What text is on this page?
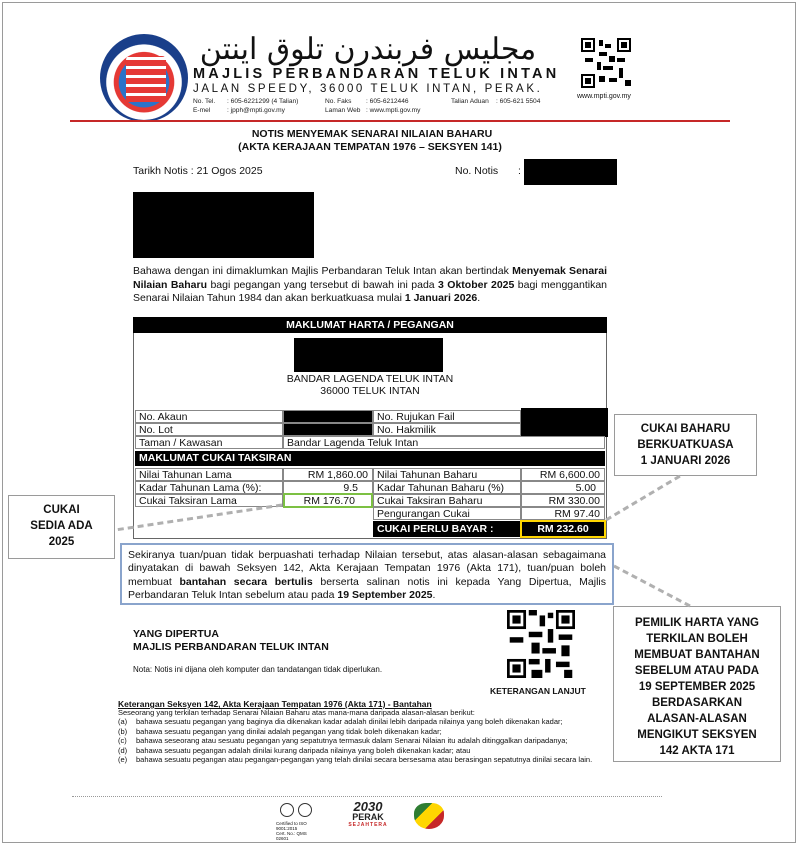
مجليس فربندرن تلوق اينتن
MAJLIS PERBANDARAN TELUK INTAN
JALAN SPEEDY, 36000 TELUK INTAN, PERAK.
No. Tel. : 605-6221299 (4 Talian)	No. Faks : 605-6212446	Talian Aduan : 605-621 5504
E-mel	: jpph@mpti.gov.my	Laman Web : www.mpti.gov.my
www.mpti.gov.my
NOTIS MENYEMAK SENARAI NILAIAN BAHARU
(AKTA KERAJAAN TEMPATAN 1976 – SEKSYEN 141)
Tarikh Notis : 21 Ogos 2025	No. Notis :
Bahawa dengan ini dimaklumkan Majlis Perbandaran Teluk Intan akan bertindak Menyemak Senarai Nilaian Baharu bagi pegangan yang tersebut di bawah ini pada 3 Oktober 2025 bagi menggantikan Senarai Nilaian Tahun 1984 dan akan berkuatkuasa mulai 1 Januari 2026.
MAKLUMAT HARTA / PEGANGAN
BANDAR LAGENDA TELUK INTAN
36000 TELUK INTAN
No. Akaun	No. Rujukan Fail
No. Lot	No. Hakmilik
Taman / Kawasan	Bandar Lagenda Teluk Intan
MAKLUMAT CUKAI TAKSIRAN
Nilai Tahunan Lama	RM 1,860.00 Nilai Tahunan Baharu	RM 6,600.00
Kadar Tahunan Lama (%):	9.5	Kadar Tahunan Baharu (%)	5.00
Cukai Taksiran Lama	RM 176.70	Cukai Taksiran Baharu	RM 330.00
Pengurangan Cukai	RM 97.40
CUKAI PERLU BAYAR :	RM 232.60
CUKAI BAHARU
BERKUATKUASA
1 JANUARI 2026
CUKAI
SEDIA ADA
2025
PEMILIK HARTA YANG
TERKILAN BOLEH
MEMBUAT BANTAHAN
SEBELUM ATAU PADA
19 SEPTEMBER 2025
BERDASARKAN
ALASAN-ALASAN
MENGIKUT SEKSYEN
142 AKTA 171
Sekiranya tuan/puan tidak berpuashati terhadap Nilaian tersebut, atas alasan-alasan sebagaimana dinyatakan di bawah Seksyen 142, Akta Kerajaan Tempatan 1976 (Akta 171), tuan/puan boleh membuat bantahan secara bertulis berserta salinan notis ini kepada Yang Dipertua, Majlis Perbandaran Teluk Intan sebelum atau pada 19 September 2025.
YANG DIPERTUA
MAJLIS PERBANDARAN TELUK INTAN
Nota: Notis ini dijana oleh komputer dan tandatangan tidak diperlukan.
KETERANGAN LANJUT
Keterangan Seksyen 142, Akta Kerajaan Tempatan 1976 (Akta 171) - Bantahan
Seseorang yang terkilan terhadap Senarai Nilaian Baharu atas mana-mana daripada alasan-alasan berikut:
(a)	bahawa sesuatu pegangan yang baginya dia dikenakan kadar adalah dinilai lebih daripada nilainya yang boleh dikenakan kadar;
(b)	bahawa sesuatu pegangan yang dinilai adalah pegangan yang tidak boleh dikenakan kadar;
(c)	bahawa seseorang atau sesuatu pegangan yang sepatutnya termasuk dalam Senarai Nilaian itu adalah ditinggalkan daripadanya;
(d)	bahawa sesuatu pegangan adalah dinilai kurang daripada nilainya yang boleh dikenakan kadar; atau
(e)	bahawa sesuatu pegangan atau pegangan-pegangan yang telah dinilai secara bersesama atau berasingan sepatutnya dinilai secara lain.
Certified to ISO 9001:2015
Cert. No.: QMS 02601
2030
PERAK
SEJAHTERA
